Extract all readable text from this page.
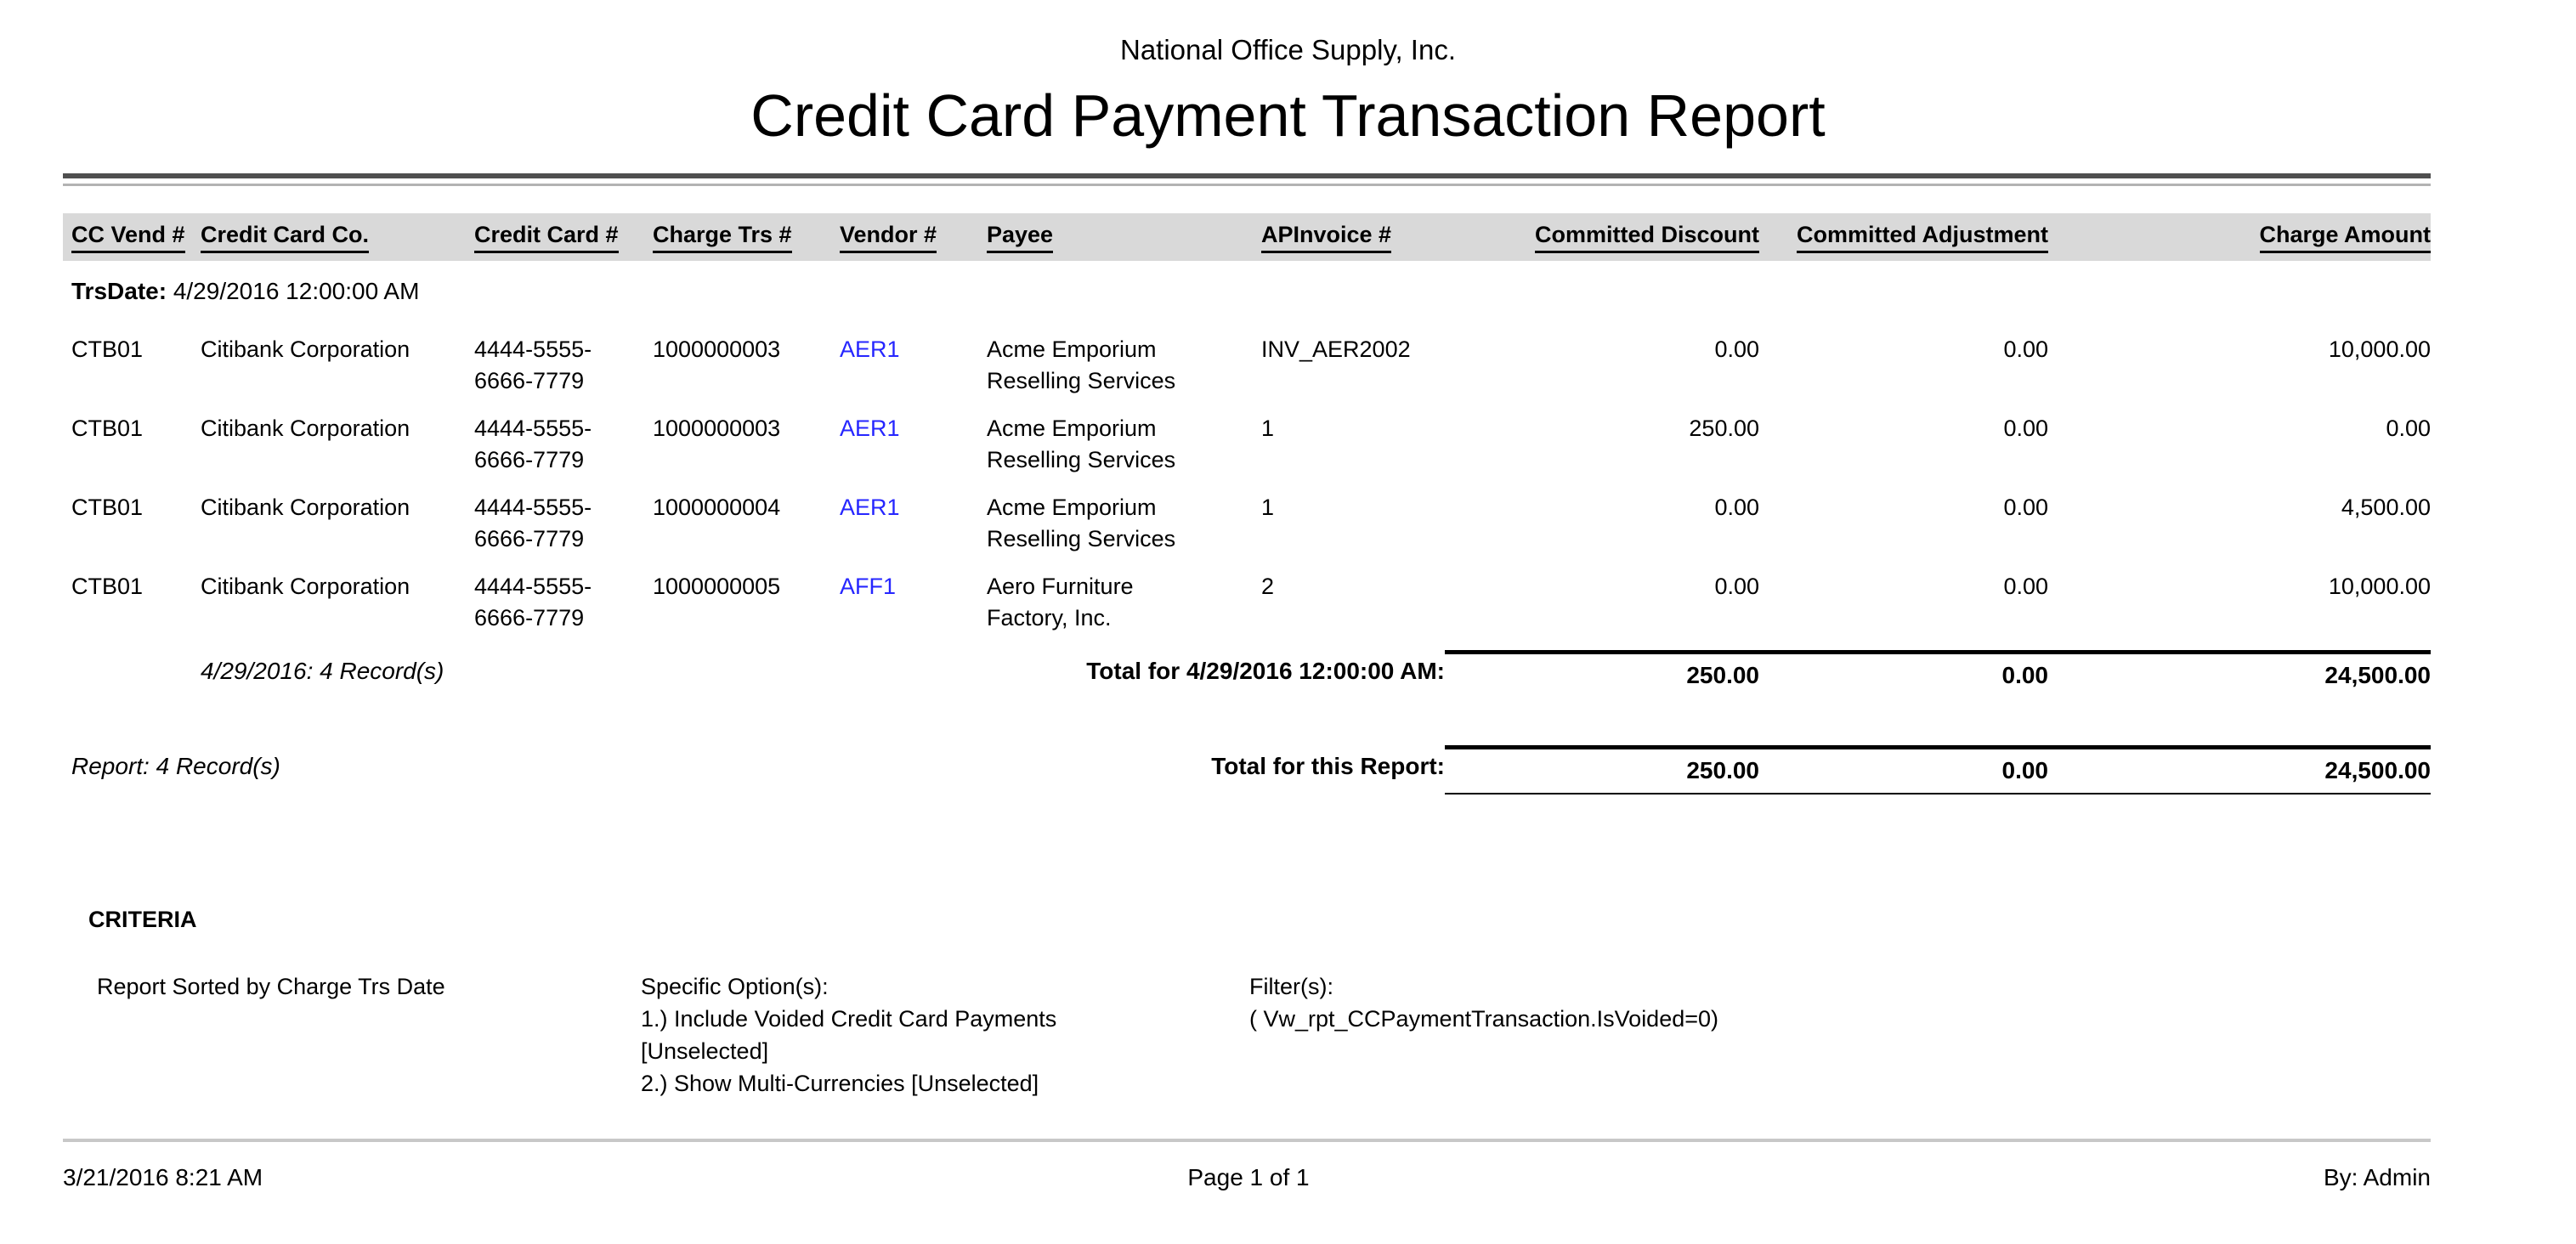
National Office Supply, Inc.
Credit Card Payment Transaction Report
CC Vend # Credit Card Co.	Credit Card #	Charge Trs #	Vendor #	Payee	APInvoice #	Committed Discount	Committed Adjustment	Charge Amount
TrsDate: 4/29/2016 12:00:00 AM
CTB01	Citibank Corporation	4444-5555-
6666-7779
1000000003	AER1	Acme Emporium
Reselling Services
INV_AER2002	0.00	0.00	10,000.00
CTB01	Citibank Corporation	4444-5555-
6666-7779
1000000003	AER1	Acme Emporium
Reselling Services
1	250.00	0.00	0.00
CTB01	Citibank Corporation	4444-5555-
6666-7779
1000000004	AER1	Acme Emporium
Reselling Services
1	0.00	0.00	4,500.00
CTB01	Citibank Corporation	4444-5555-
6666-7779
1000000005	AFF1	Aero Furniture
Factory, Inc.
2	0.00	0.00	10,000.00
4/29/2016: 4 Record(s)	Total for 4/29/2016 12:00:00 AM:	250.00	0.00	24,500.00
Report: 4 Record(s)	Total for this Report:	250.00	0.00	24,500.00
CRITERIA
Report Sorted by Charge Trs Date	Specific Option(s):
1.) Include Voided Credit Card Payments
[Unselected]
2.) Show Multi-Currencies [Unselected]
Filter(s):
( Vw_rpt_CCPaymentTransaction.IsVoided=0)
3/21/2016 8:21 AM	Page 1 of 1	By: Admin
